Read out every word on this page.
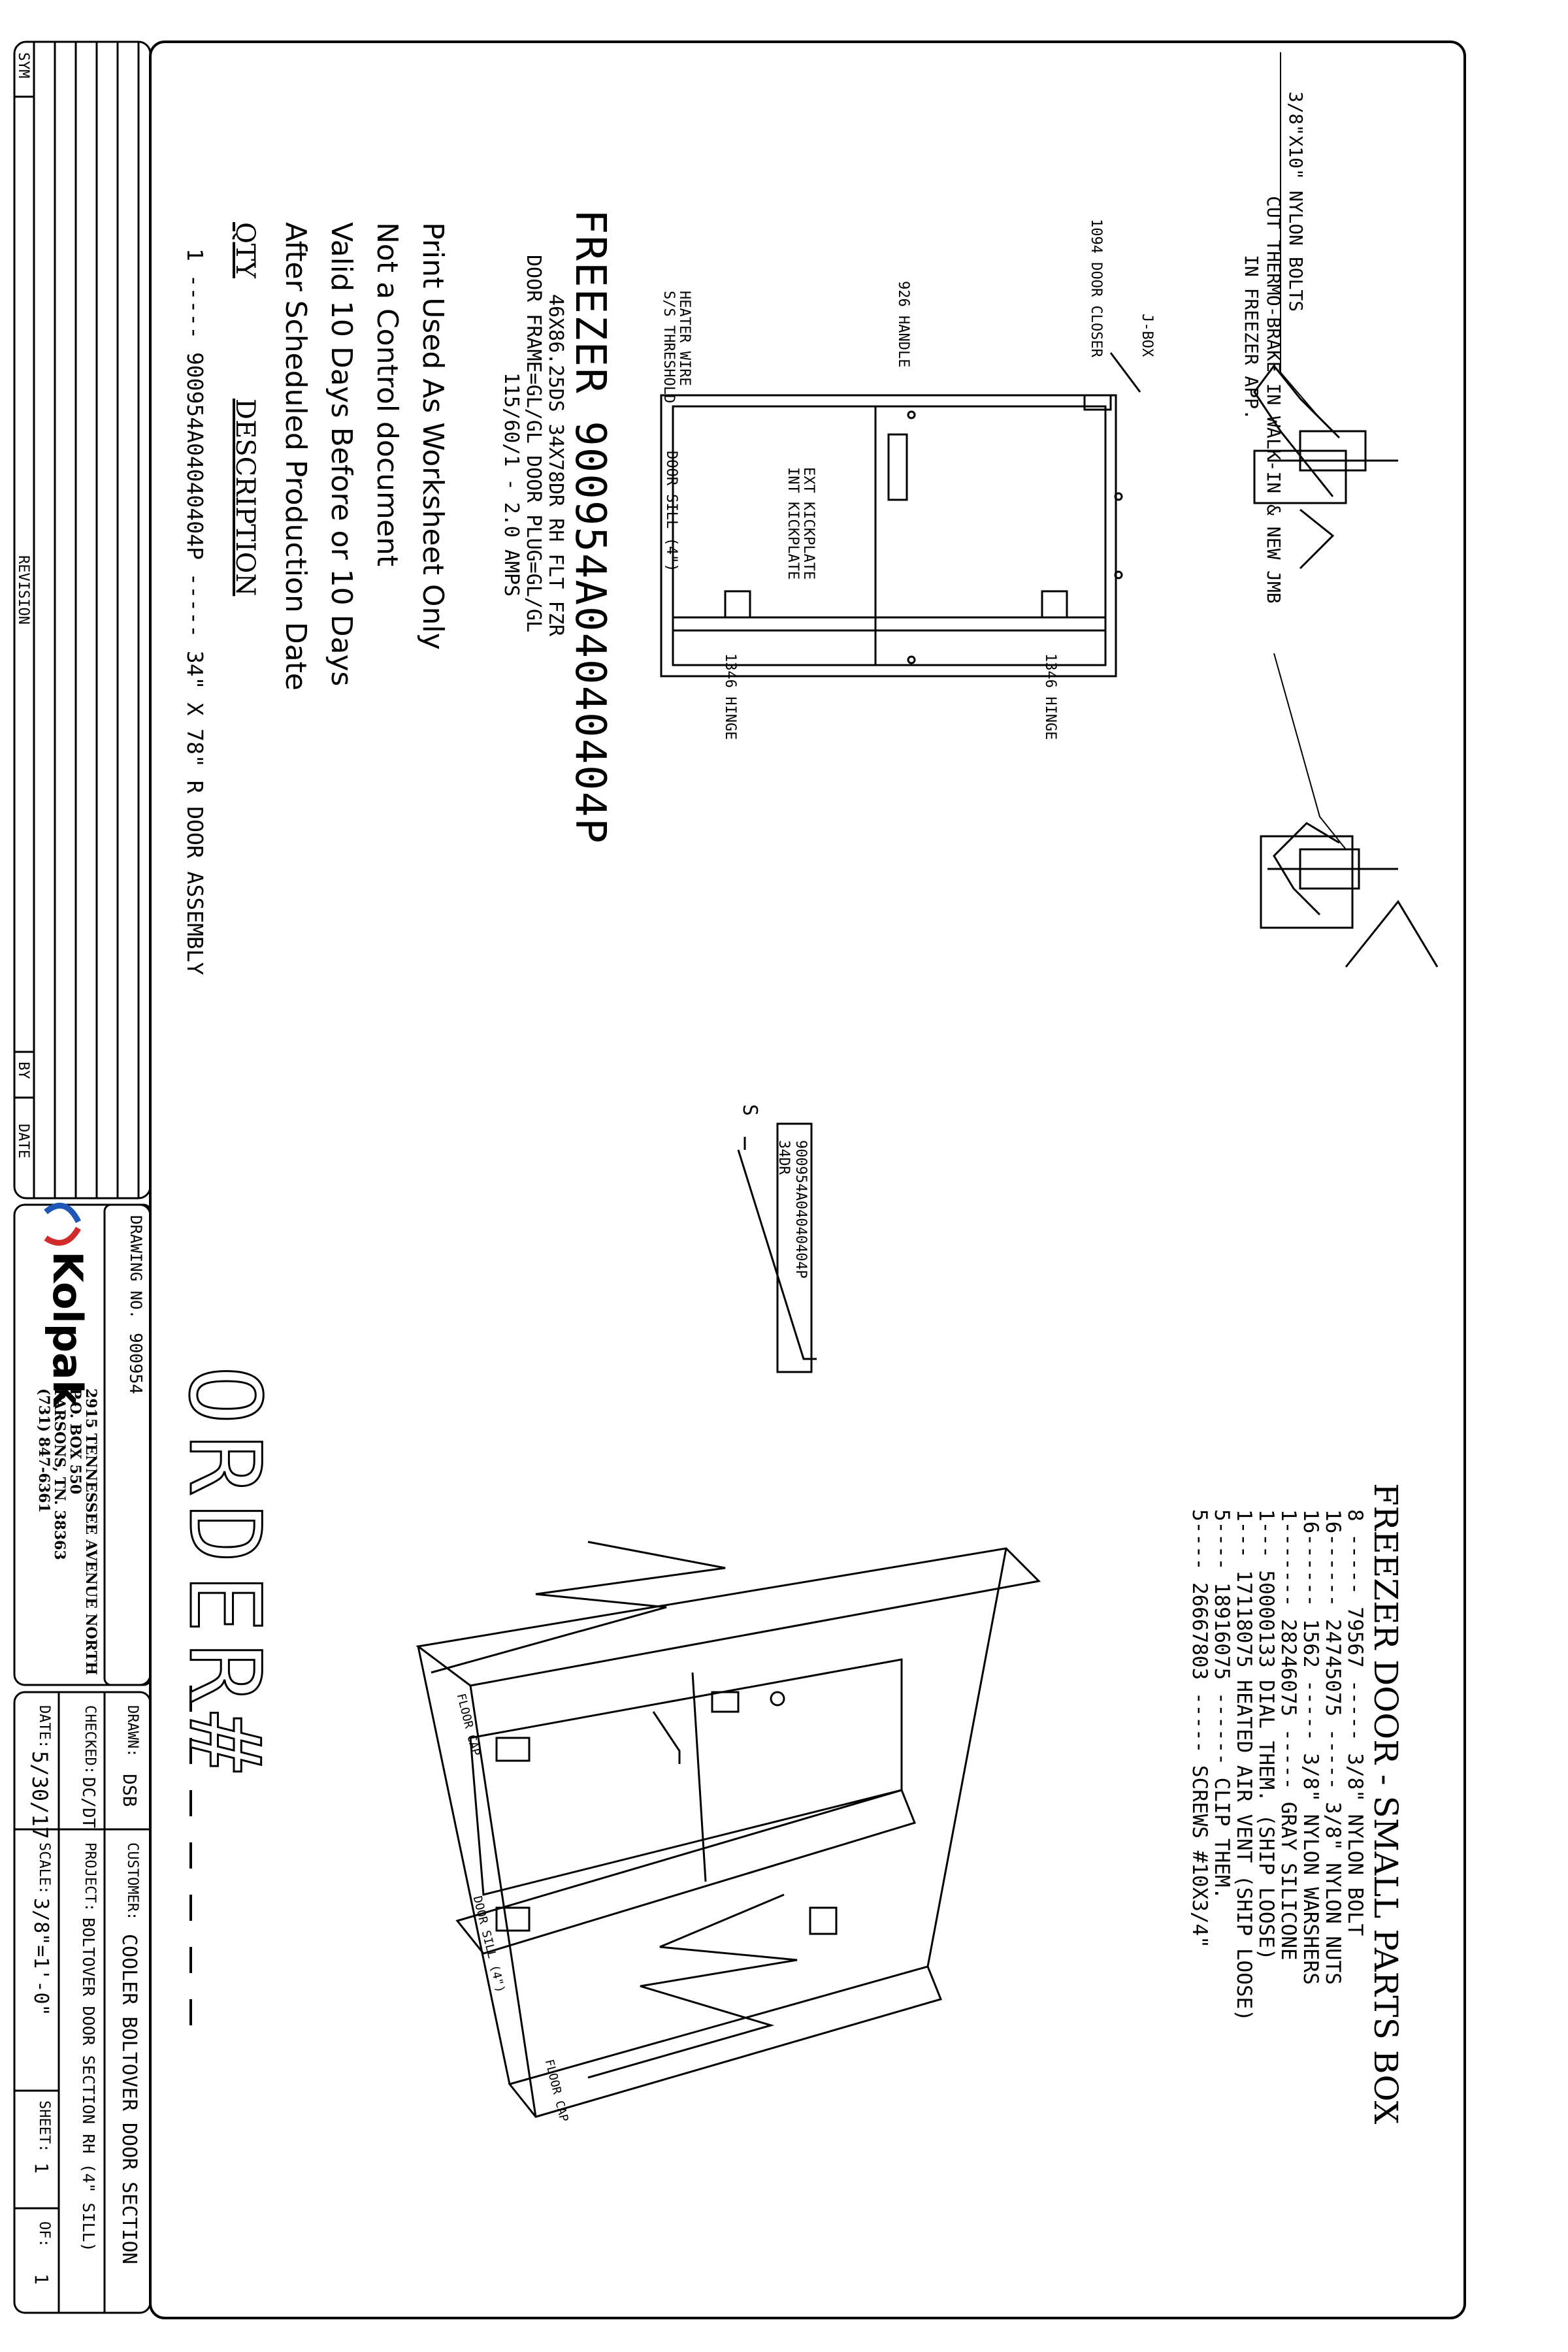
FREEZER DOOR - SMALL PARTS BOX
8 ----- 79567 ----- 3/8" NYLON BOLT
16------ 24745075 ----- 3/8" NYLON NUTS
16------ 1562 ----- 3/8" NYLON WARSHERS
1------- 28246075 ----- GRAY SILICONE
1--- 50000133 DIAL THEM. (SHIP LOOSE)
1--- 17118075 HEATED AIR VENT (SHIP LOOSE)
5---- 18916075 ------ CLIP THEM.
5---- 26667803 ----- SCREWS #10X3/4"
3/8"X10" NYLON BOLTS
CUT THERMO-BRAKE IN WALK-IN & NEW JMB
IN FREEZER APP.
J-BOX
1094 DOOR CLOSER
926 HANDLE
HEATER WIRE
S/S THRESHOLD
EXT KICKPLATE
INT KICKPLATE
DOOR SILL (4")
1346 HINGE
1346 HINGE
FREEZER 900954A0404040​4P
46X86.25DS 34X78DR RH FLT FZR
DOOR FRAME=GL/GL DOOR PLUG=GL/GL
115/60/1 - 2.0 AMPS
Print Used As Worksheet Only
Not a Control document
Valid 10 Days Before or 10 Days
After Scheduled Production Date
QTY
DESCRIPTION
1 ----- 900954A04040404P ----- 34" X 78" R DOOR ASSEMBLY
900954A04040404P
34DR
S
FLOOR CAP
FLOOR CAP
DOOR SILL (4")
ORDER#
DRAWING NO.
900954
Kolpak
2915 TENNESSEE AVENUE NORTH
P.O. BOX 550
PARSONS, TN. 38363
(731) 847-6361
DRAWN:
DSB
CHECKED:
DC/DT
DATE:
5/30/17
CUSTOMER:
COOLER BOLTOVER DOOR SECTION
PROJECT:
BOLTOVER DOOR SECTION RH (4" SILL)
SCALE:
3/8"=1'-0"
SHEET:
1
OF:
1
SYM
REVISION
BY
DATE
